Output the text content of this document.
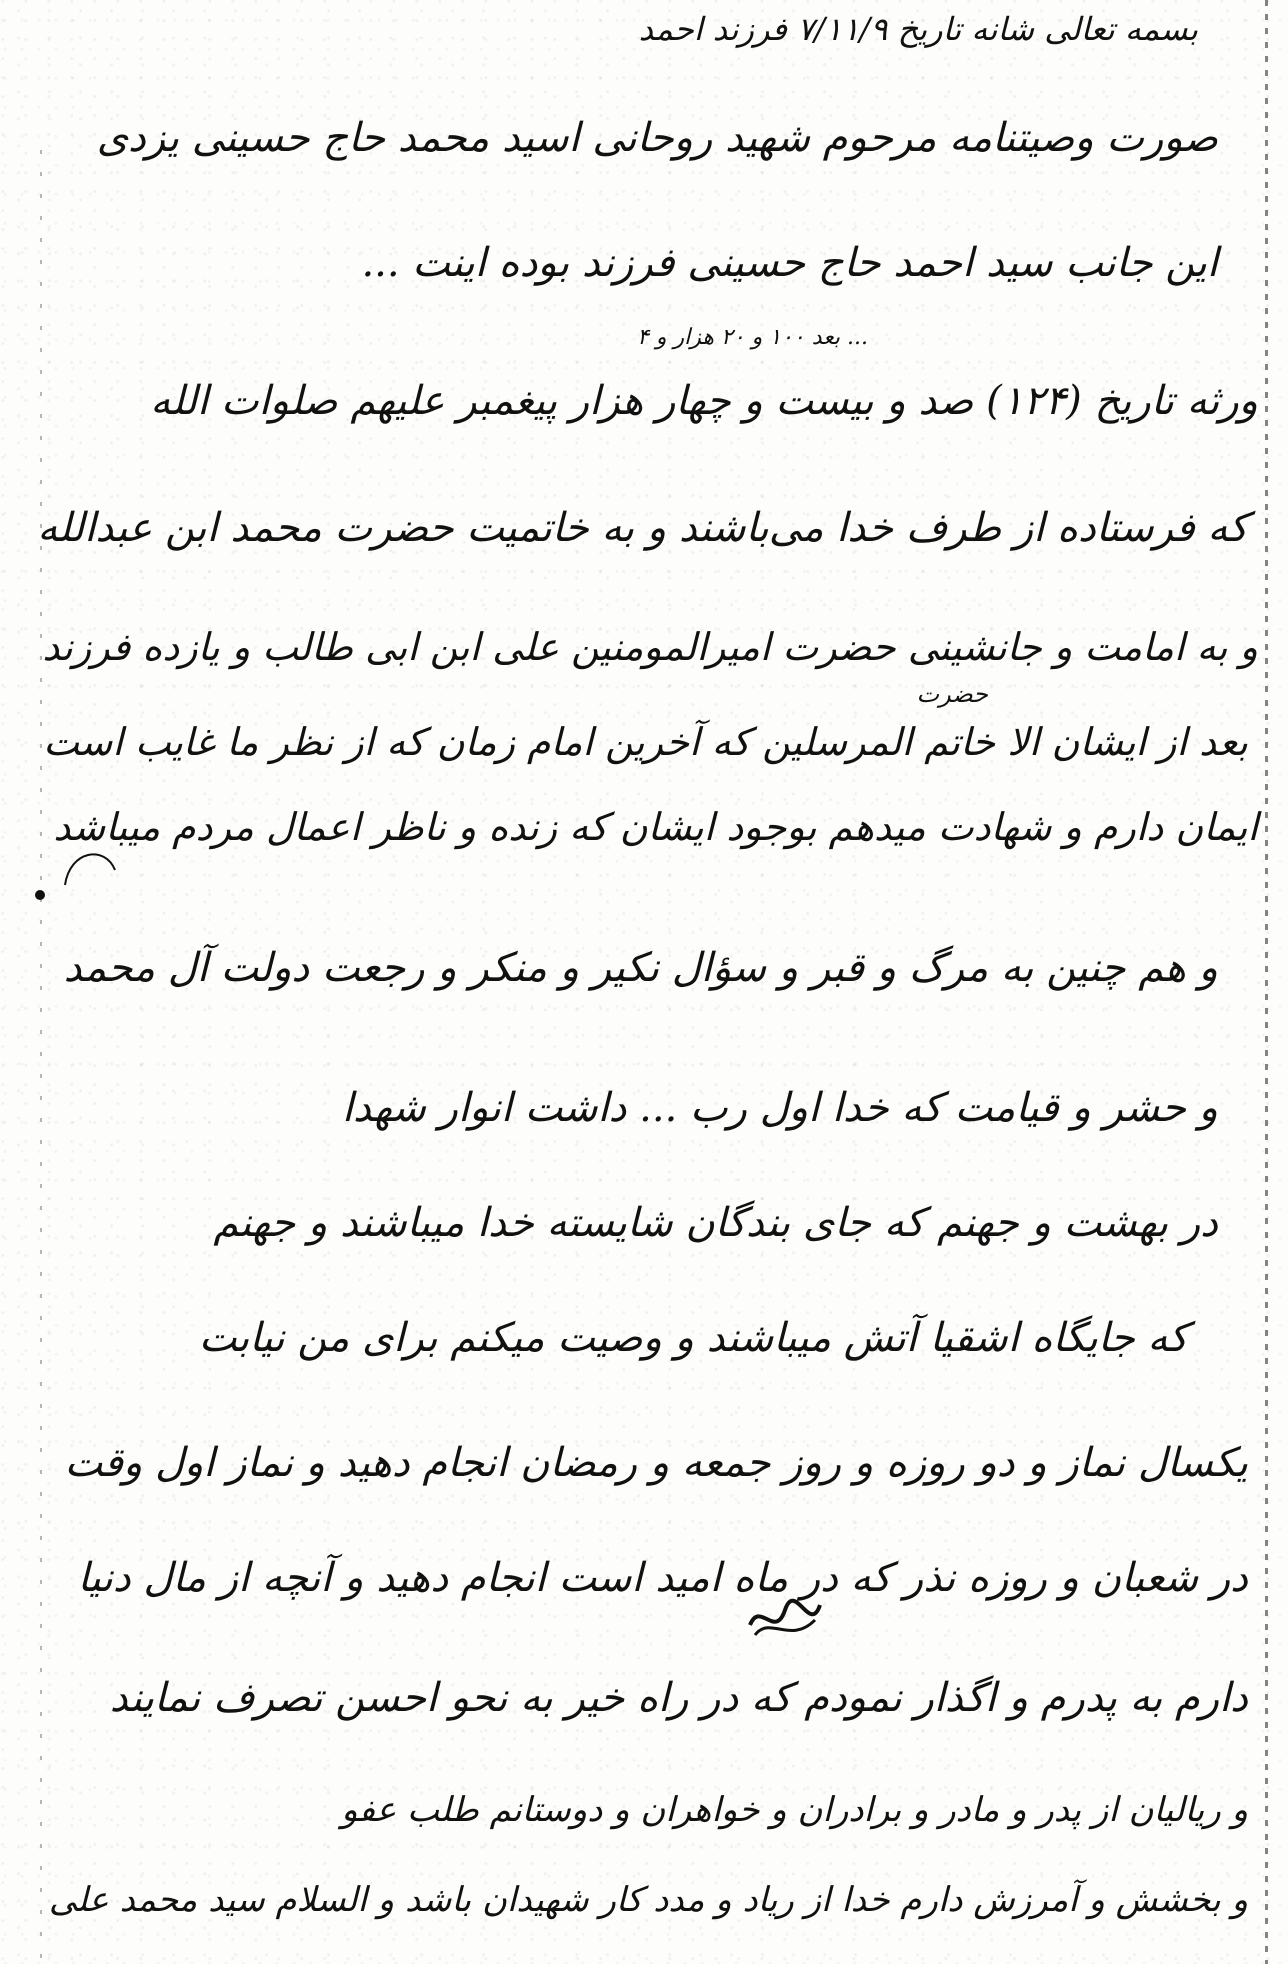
بسمه تعالی شانه تاریخ ۷/۱۱/۹ فرزند احمد
صورت وصیتنامه مرحوم شهید روحانی اسید محمد حاج حسینی یزدی
این جانب سید احمد حاج حسینی فرزند بوده اینت ...
بعد ۱۰۰ و ۲۰ هزار و ۴ ...
ورثه تاریخ (۱۲۴) صد و بیست و چهار هزار پیغمبر علیهم صلوات الله
که فرستاده از طرف خدا می‌باشند و به خاتمیت حضرت محمد ابن عبدالله
و به امامت و جانشینی حضرت امیرالمومنین علی ابن ابی طالب و یازده فرزند
حضرت
بعد از ایشان الا خاتم المرسلین که آخرین امام زمان که از نظر ما غایب است
ایمان دارم و شهادت میدهم بوجود ایشان که زنده و ناظر اعمال مردم میباشد
و هم چنین به مرگ و قبر و سؤال نکیر و منکر و رجعت دولت آل محمد
و حشر و قیامت که خدا اول رب ... داشت انوار شهدا
در بهشت و جهنم که جای بندگان شایسته خدا میباشند و جهنم
که جایگاه اشقیا آتش میباشند و وصیت میکنم برای من نیابت
یکسال نماز و دو روزه و روز جمعه و رمضان انجام دهید و نماز اول وقت
در شعبان و روزه نذر که در ماه امید است انجام دهید و آنچه از مال دنیا
دارم به پدرم و اگذار نمودم که در راه خیر به نحو احسن تصرف نمایند
و ریالیان از پدر و مادر و برادران و خواهران و دوستانم طلب عفو
و بخشش و آمرزش دارم خدا از ریاد و مدد کار شهیدان باشد و السلام سید محمد علی
